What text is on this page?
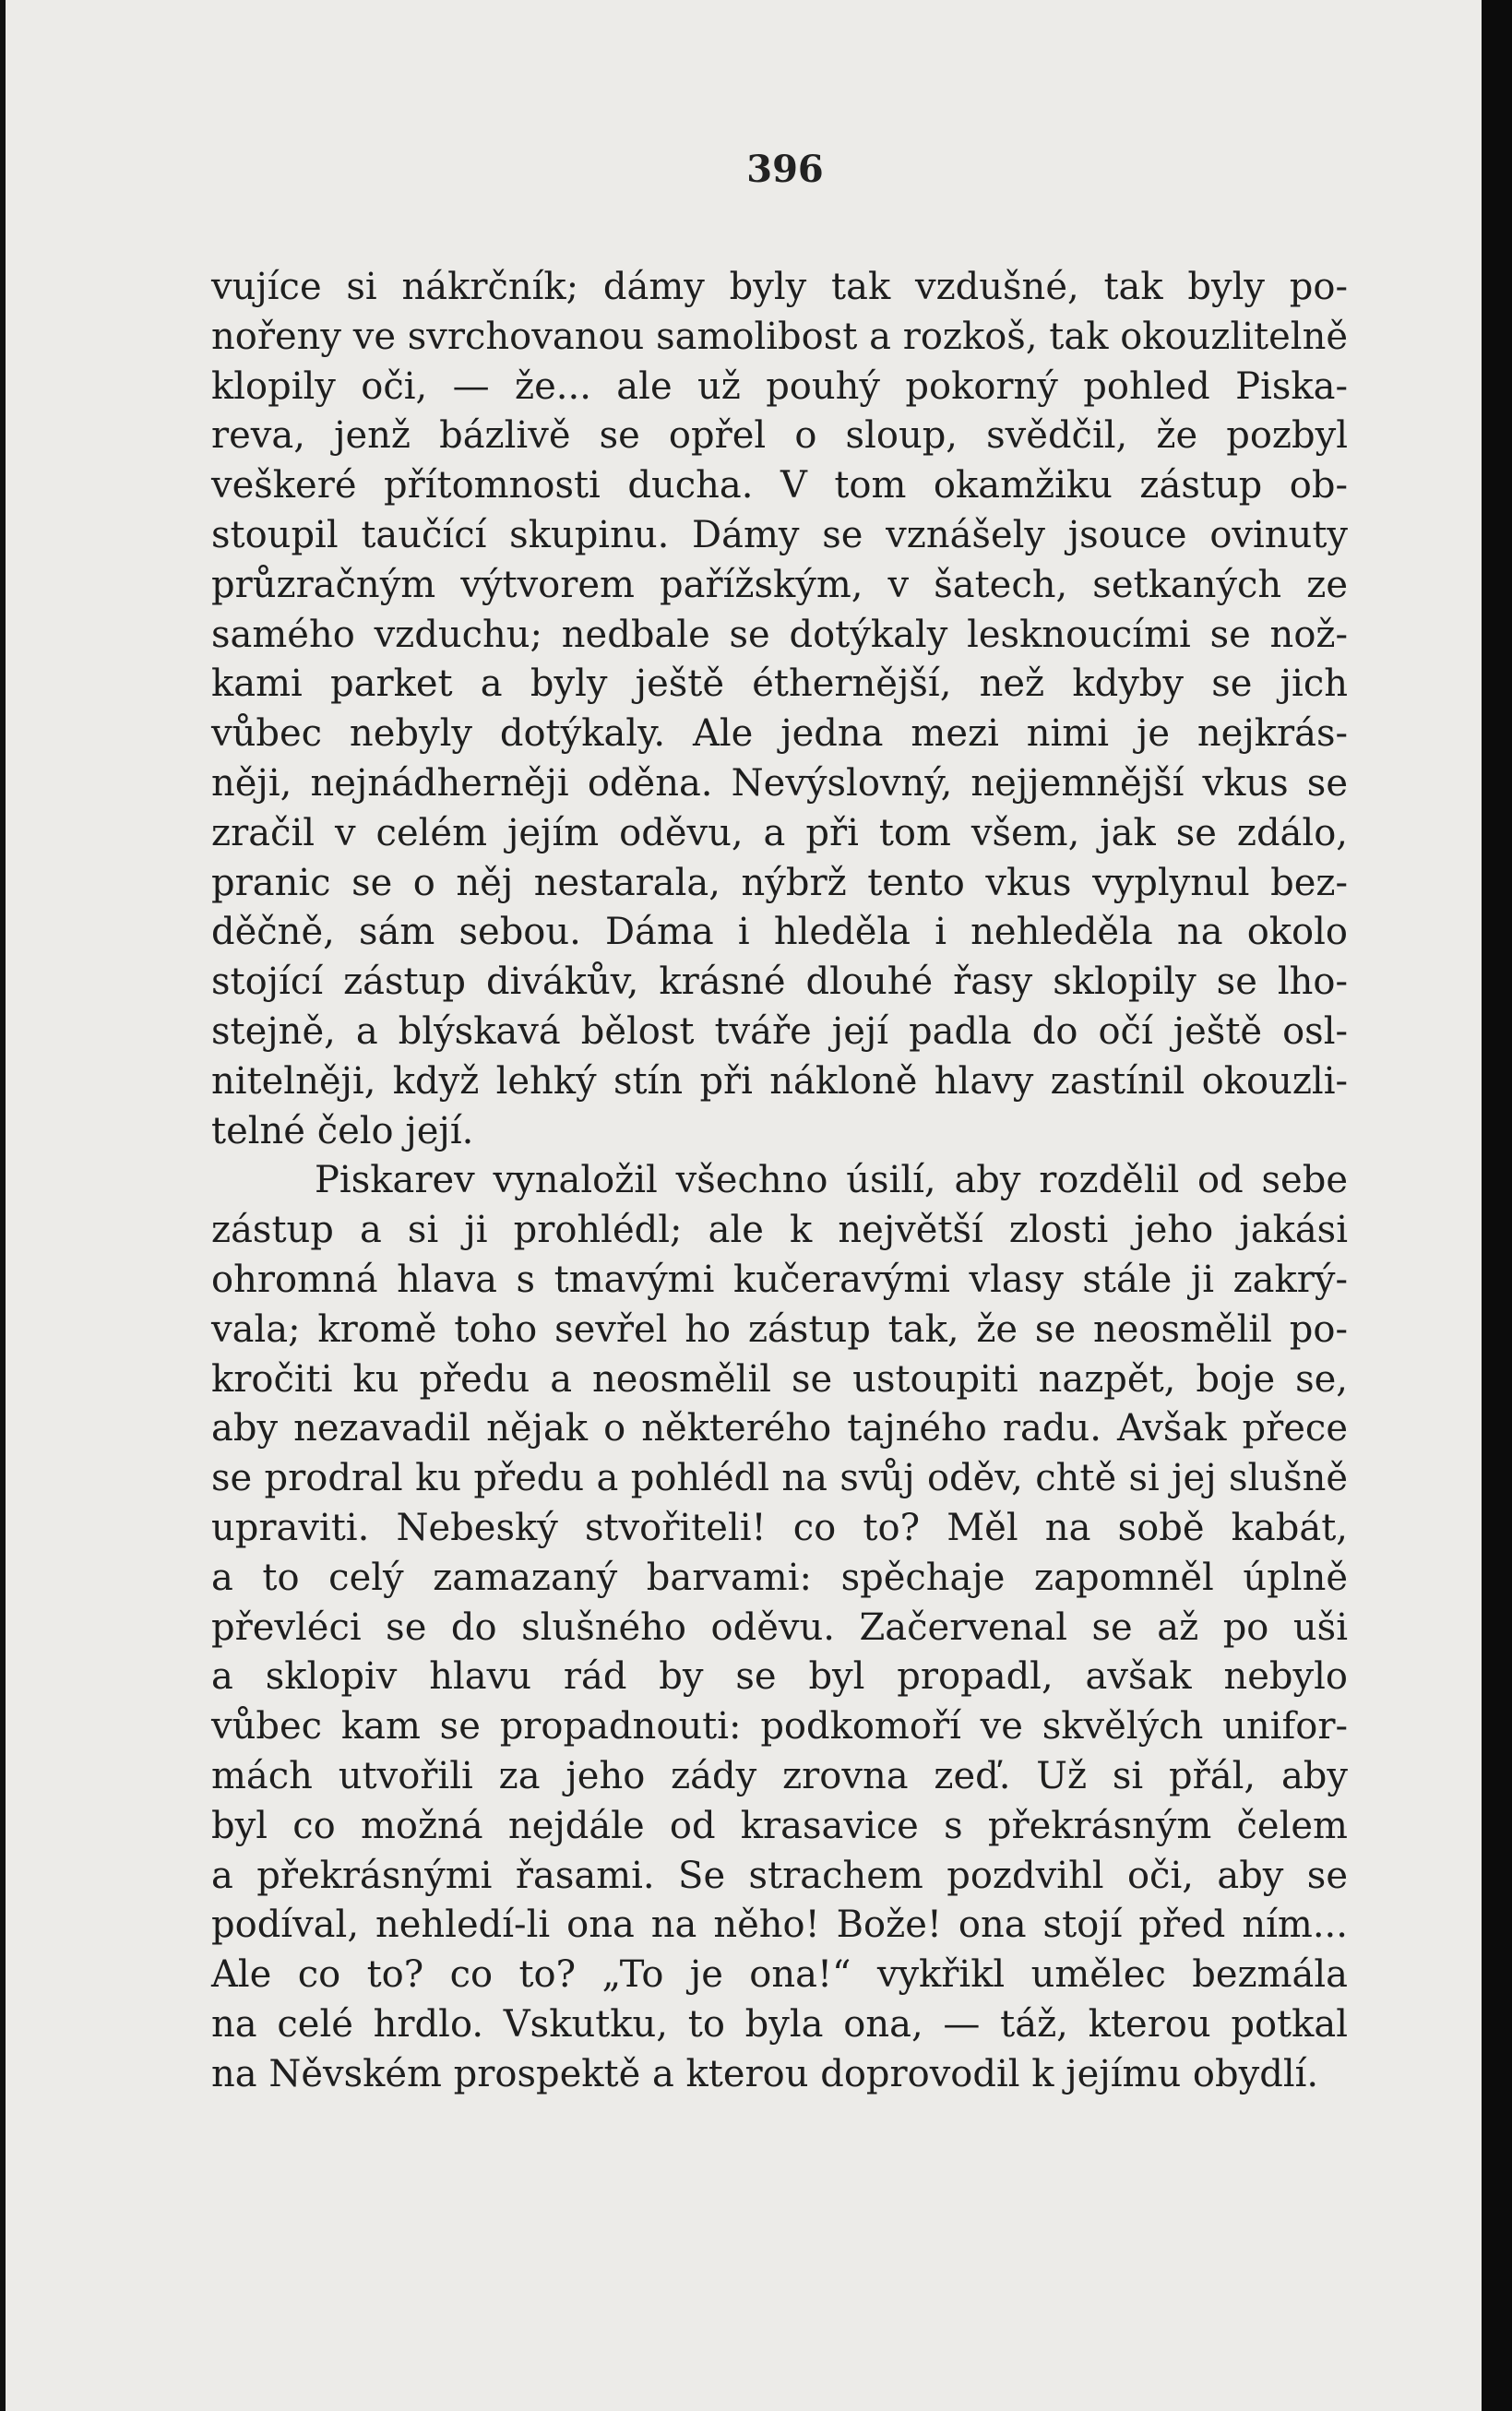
396
vujíce si nákrčník; dámy byly tak vzdušné, tak byly po-
nořeny ve svrchovanou samolibost a rozkoš, tak okouzlitelně
klopily oči, — že... ale už pouhý pokorný pohled Piskа-
reva, jenž bázlivě se opřel o sloup, svědčil, že pozbyl
veškeré přítomnosti ducha. V tom okamžiku zástup ob-
stoupil taučící skupinu. Dámy se vznášely jsouce ovinuty
průzračným výtvorem pařížským, v šatech, setkaných ze
samého vzduchu; nedbale se dotýkaly lesknoucími se nož-
kami parket a byly ještě étherněјší, než kdyby se jich
vůbec nebyly dotýkaly. Ale jedna mezi nimi je nejkrás-
něji, nejnádherněji oděna. Nevýslovný, nejjemnější vkus se
zračil v celém jejím oděvu, a při tom všem, jak se zdálo,
pranic se o něj nestarala, nýbrž tento vkus vyplynul bez-
děčně, sám sebou. Dáma i hleděla i nehleděla na okolo
stojící zástup divákův, krásné dlouhé řasy sklopily se lho-
stejně, a blýskavá bělost tváře její padla do očí ještě osl-
nitelněji, když lehký stín při nákloně hlavy zastínil okouzli-
telné čelo její.
Piskarev vynaložil všechno úsilí, aby rozdělil od sebe
zástup a si ji prohlédl; ale k největší zlosti jeho jakási
ohromná hlava s tmavými kučeravými vlasy stále ji zakrý-
vala; kromě toho sevřel ho zástup tak, že se neosmělil po-
kročiti ku předu a neosmělil se ustoupiti nazpět, boje se,
aby nezavadil nějak o některého tajného radu. Avšak přece
se prodral ku předu a pohlédl na svůj oděv, chtě si jej slušně
upraviti. Nebeský stvořiteli! co to? Měl na sobě kabát,
a to celý zamazaný barvami: spěchaje zapomněl úplně
převléci se do slušného oděvu. Začervenal se až po uši
a sklopiv hlavu rád by se byl propadl, avšak nebylo
vůbec kam se propadnouti: podkomoří ve skvělých unifor-
mách utvořili za jeho zády zrovna zeď. Už si přál, aby
byl co možná nejdále od krasavice s překrásným čelem
a překrásnými řasami. Se strachem pozdvihl oči, aby se
podíval, nehledí-li ona na něho! Bože! ona stojí před ním...
Ale co to? co to? „To je ona!“ vykřikl umělec bezmála
na celé hrdlo. Vskutku, to byla ona, — táž, kterou potkal
na Něvském prospektě a kterou doprovodil k jejímu obydlí.
